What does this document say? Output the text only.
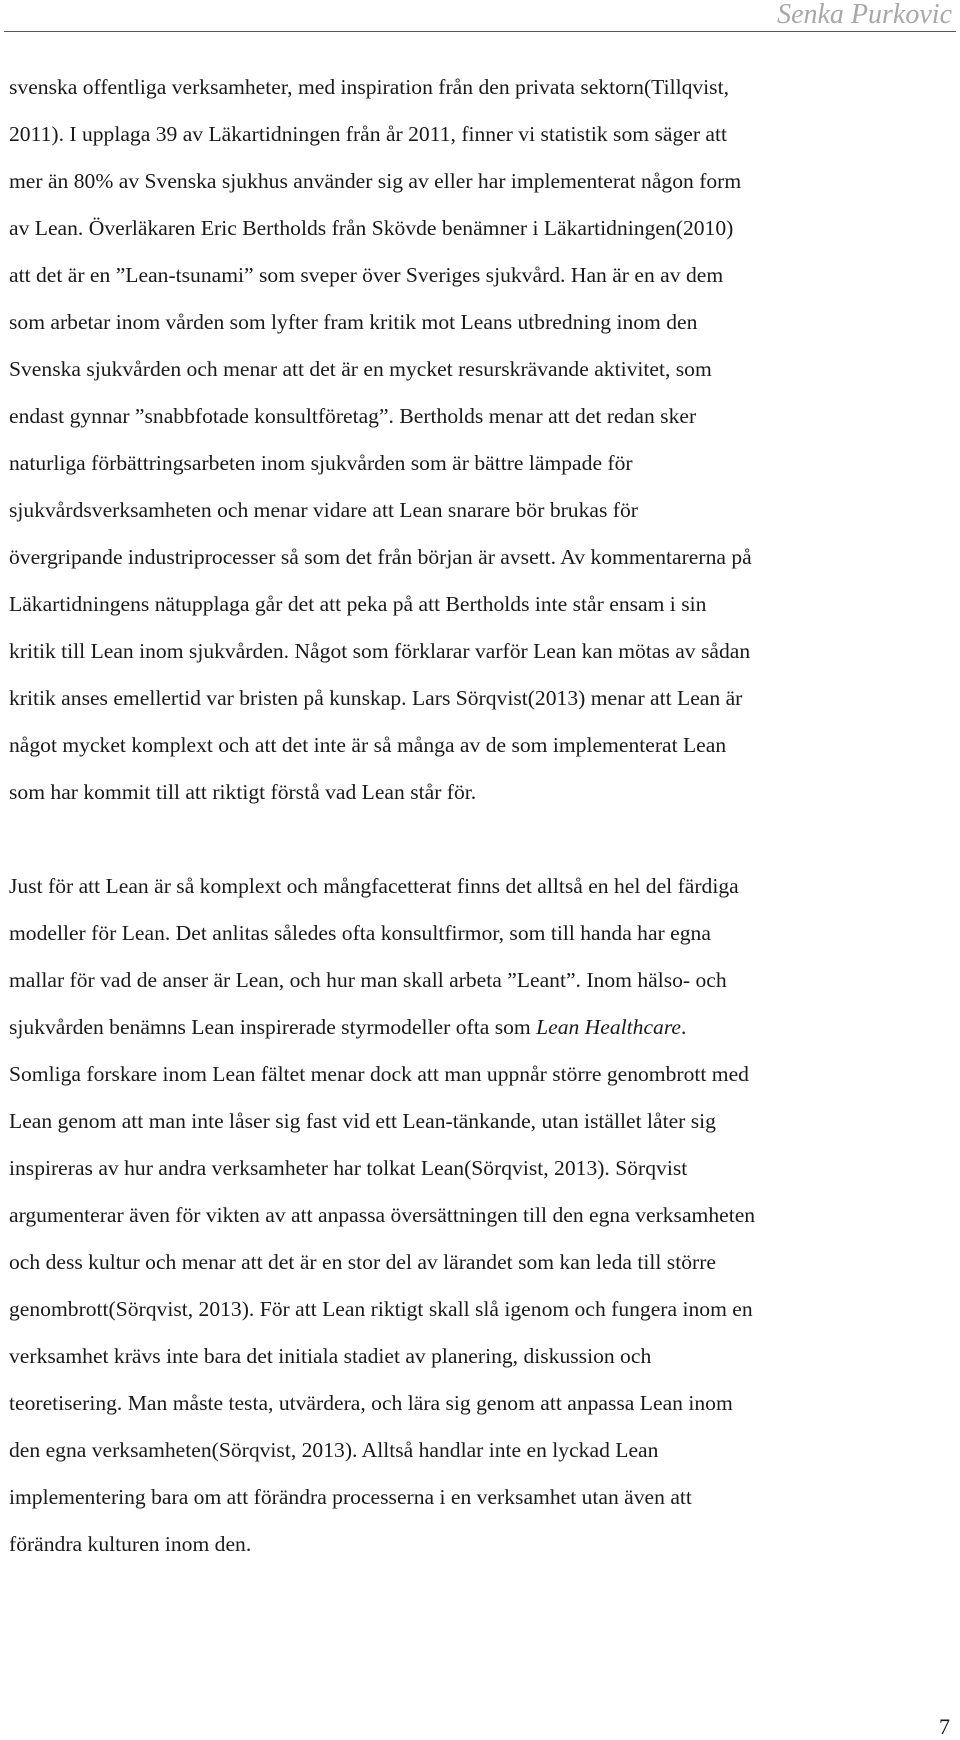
Senka Purkovic

svenska offentliga verksamheter, med inspiration från den privata sektorn(Tillqvist,
2011). I upplaga 39 av Läkartidningen från år 2011, finner vi statistik som säger att
mer än 80% av Svenska sjukhus använder sig av eller har implementerat någon form
av Lean. Överläkaren Eric Bertholds från Skövde benämner i Läkartidningen(2010)
att det är en ”Lean-tsunami” som sveper över Sveriges sjukvård. Han är en av dem
som arbetar inom vården som lyfter fram kritik mot Leans utbredning inom den
Svenska sjukvården och menar att det är en mycket resurskrävande aktivitet, som
endast gynnar ”snabbfotade konsultföretag”. Bertholds menar att det redan sker
naturliga förbättringsarbeten inom sjukvården som är bättre lämpade för
sjukvårdsverksamheten och menar vidare att Lean snarare bör brukas för
övergripande industriprocesser så som det från början är avsett. Av kommentarerna på
Läkartidningens nätupplaga går det att peka på att Bertholds inte står ensam i sin
kritik till Lean inom sjukvården. Något som förklarar varför Lean kan mötas av sådan
kritik anses emellertid var bristen på kunskap. Lars Sörqvist(2013) menar att Lean är
något mycket komplext och att det inte är så många av de som implementerat Lean
som har kommit till att riktigt förstå vad Lean står för.

Just för att Lean är så komplext och mångfacetterat finns det alltså en hel del färdiga
modeller för Lean. Det anlitas således ofta konsultfirmor, som till handa har egna
mallar för vad de anser är Lean, och hur man skall arbeta ”Leant”. Inom hälso- och
sjukvården benämns Lean inspirerade styrmodeller ofta som Lean Healthcare.
Somliga forskare inom Lean fältet menar dock att man uppnår större genombrott med
Lean genom att man inte låser sig fast vid ett Lean-tänkande, utan istället låter sig
inspireras av hur andra verksamheter har tolkat Lean(Sörqvist, 2013). Sörqvist
argumenterar även för vikten av att anpassa översättningen till den egna verksamheten
och dess kultur och menar att det är en stor del av lärandet som kan leda till större
genombrott(Sörqvist, 2013). För att Lean riktigt skall slå igenom och fungera inom en
verksamhet krävs inte bara det initiala stadiet av planering, diskussion och
teoretisering. Man måste testa, utvärdera, och lära sig genom att anpassa Lean inom
den egna verksamheten(Sörqvist, 2013). Alltså handlar inte en lyckad Lean
implementering bara om att förändra processerna i en verksamhet utan även att
förändra kulturen inom den.

7
